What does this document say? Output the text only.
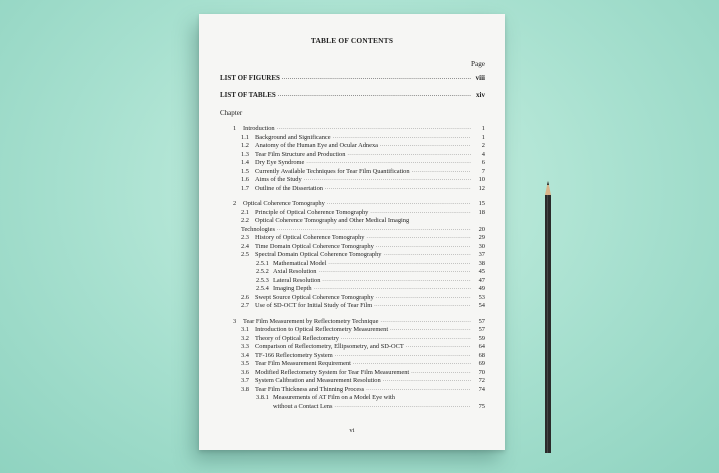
TABLE OF CONTENTS
Page
LIST OF FIGURES .....	viii
LIST OF TABLES .....	xiv
Chapter
1	Introduction .....	1
1.1 Background and Significance .....	1
1.2 Anatomy of the Human Eye and Ocular Adnexa .....	2
1.3 Tear Film Structure and Production .....	4
1.4 Dry Eye Syndrome .....	6
1.5 Currently Available Techniques for Tear Film Quantification .....	7
1.6 Aims of the Study .....	10
1.7 Outline of the Dissertation .....	12
2	Optical Coherence Tomography .....	15
2.1 Principle of Optical Coherence Tomography .....	18
2.2 Optical Coherence Tomography and Other Medical Imaging
Technologies .....	20
2.3 History of Optical Coherence Tomography .....	29
2.4 Time Domain Optical Coherence Tomography .....	30
2.5 Spectral Domain Optical Coherence Tomography .....	37
2.5.1 Mathematical Model .....	38
2.5.2 Axial Resolution .....	45
2.5.3 Lateral Resolution .....	47
2.5.4 Imaging Depth .....	49
2.6 Swept Source Optical Coherence Tomography .....	53
2.7 Use of SD-OCT for Initial Study of Tear Film .....	54
3	Tear Film Measurement by Reflectometry Technique .....	57
3.1 Introduction to Optical Reflectometry Measurement .....	57
3.2 Theory of Optical Reflectometry .....	59
3.3 Comparison of Reflectometry, Ellipsometry, and SD-OCT .....	64
3.4 TF-166 Reflectometry System .....	68
3.5 Tear Film Measurement Requirement .....	69
3.6 Modified Reflectometry System for Tear Film Measurement .....	70
3.7 System Calibration and Measurement Resolution .....	72
3.8 Tear Film Thickness and Thinning Process .....	74
3.8.1 Measurements of AT Film on a Model Eye with
without a Contact Lens .....	75
vi
